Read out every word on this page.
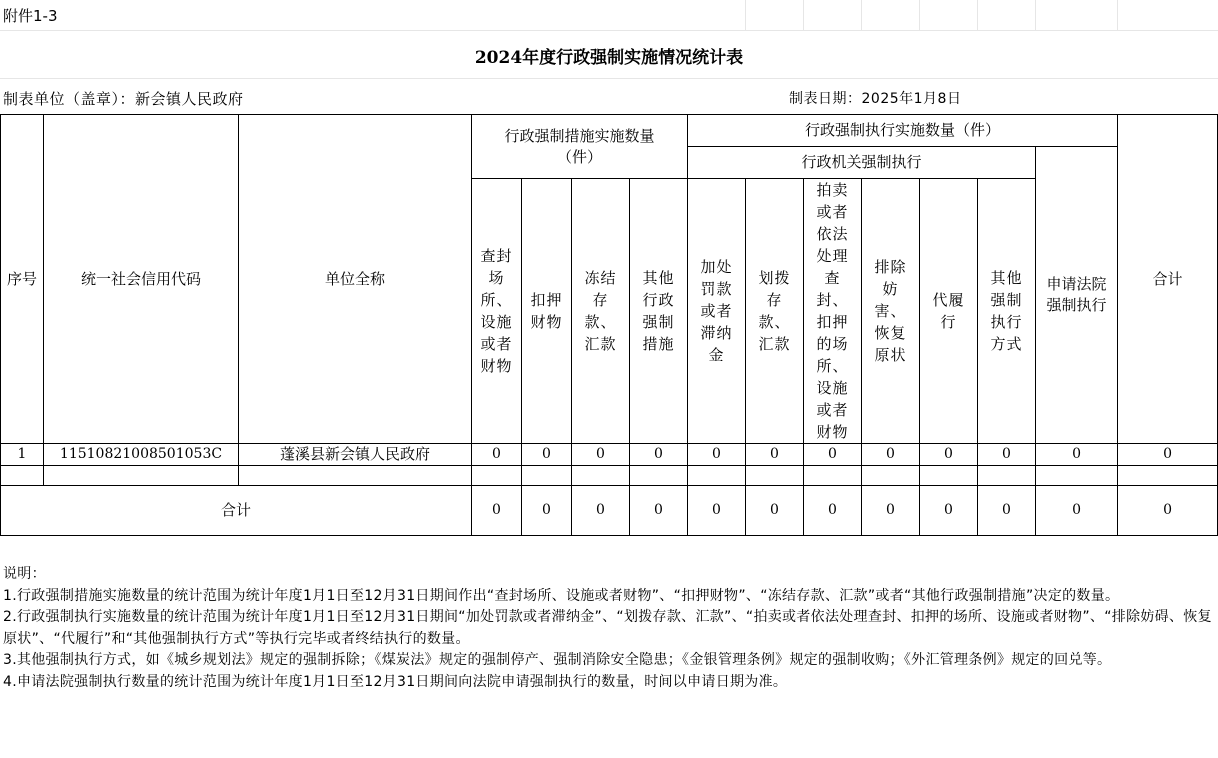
附件1-3
2024年度行政强制实施情况统计表
制表单位（盖章）：新会镇人民政府	制表日期：2025年1月8日
序号	统一社会信用代码	单位全称	行政强制措施实施数量（件）				行政强制执行实施数量（件）							合计
							行政机关强制执行						申请法院强制执行	
			查封场所、设施或者财物	扣押财物	冻结存款、汇款	其他行政强制措施	加处罚款或者滞纳金	划拨存款、汇款	拍卖或者依法处理查封、扣押的场所、设施或者财物	排除妨害、恢复原状	代履行	其他强制执行方式		
1	11510821008501053C	蓬溪县新会镇人民政府	0	0	0	0	0	0	0	0	0	0	0	0

合计			0	0	0	0	0	0	0	0	0	0	0	0

说明：

1.行政强制措施实施数量的统计范围为统计年度1月1日至12月31日期间作出“查封场所、设施或者财物”、“扣押财物”、“冻结存款、汇款”或者“其他行政强制措施”决定的数量。

2.行政强制执行实施数量的统计范围为统计年度1月1日至12月31日期间“加处罚款或者滞纳金”、“划拨存款、汇款”、“拍卖或者依法处理查封、扣押的场所、设施或者财物”、“排除妨碍、恢复原状”、“代履行”和“其他强制执行方式”等执行完毕或者终结执行的数量。

3.其他强制执行方式，如《城乡规划法》规定的强制拆除；《煤炭法》规定的强制停产、强制消除安全隐患；《金银管理条例》规定的强制收购；《外汇管理条例》规定的回兑等。

4.申请法院强制执行数量的统计范围为统计年度1月1日至12月31日期间向法院申请强制执行的数量，时间以申请日期为准。
